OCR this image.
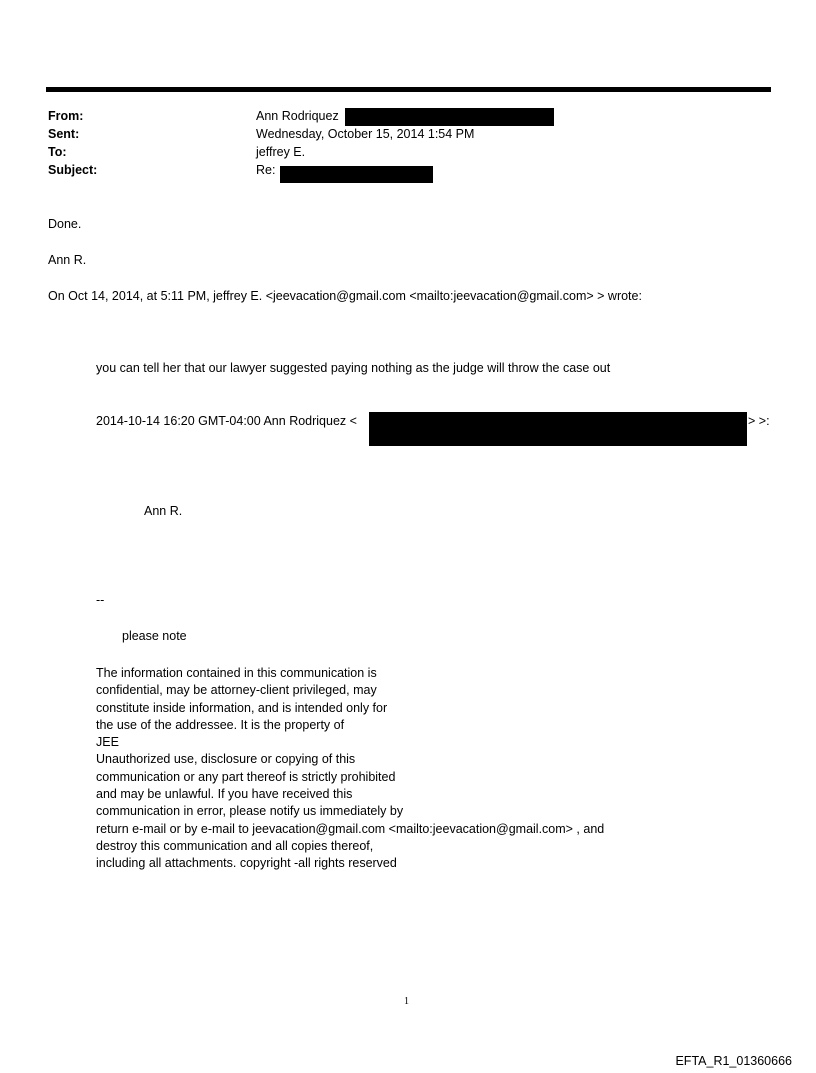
From:	Ann Rodriquez
Sent:	Wednesday, October 15, 2014 1:54 PM
To:	jeffrey E.
Subject:	Re:
Done.
Ann R.
On Oct 14, 2014, at 5:11 PM, jeffrey E. <jeevacation@gmail.com <mailto:jeevacation@gmail.com> > wrote:
you can tell her that our lawyer suggested paying nothing as the judge will throw the case out
2014-10-14 16:20 GMT-04:00 Ann Rodriquez <	> >:
Ann R.
--
please note
The information contained in this communication is
confidential, may be attorney-client privileged, may
constitute inside information, and is intended only for
the use of the addressee. It is the property of
JEE
Unauthorized use, disclosure or copying of this
communication or any part thereof is strictly prohibited
and may be unlawful. If you have received this
communication in error, please notify us immediately by
return e-mail or by e-mail to jeevacation@gmail.com <mailto:jeevacation@gmail.com> , and
destroy this communication and all copies thereof,
including all attachments. copyright -all rights reserved
1
EFTA_R1_01360666
